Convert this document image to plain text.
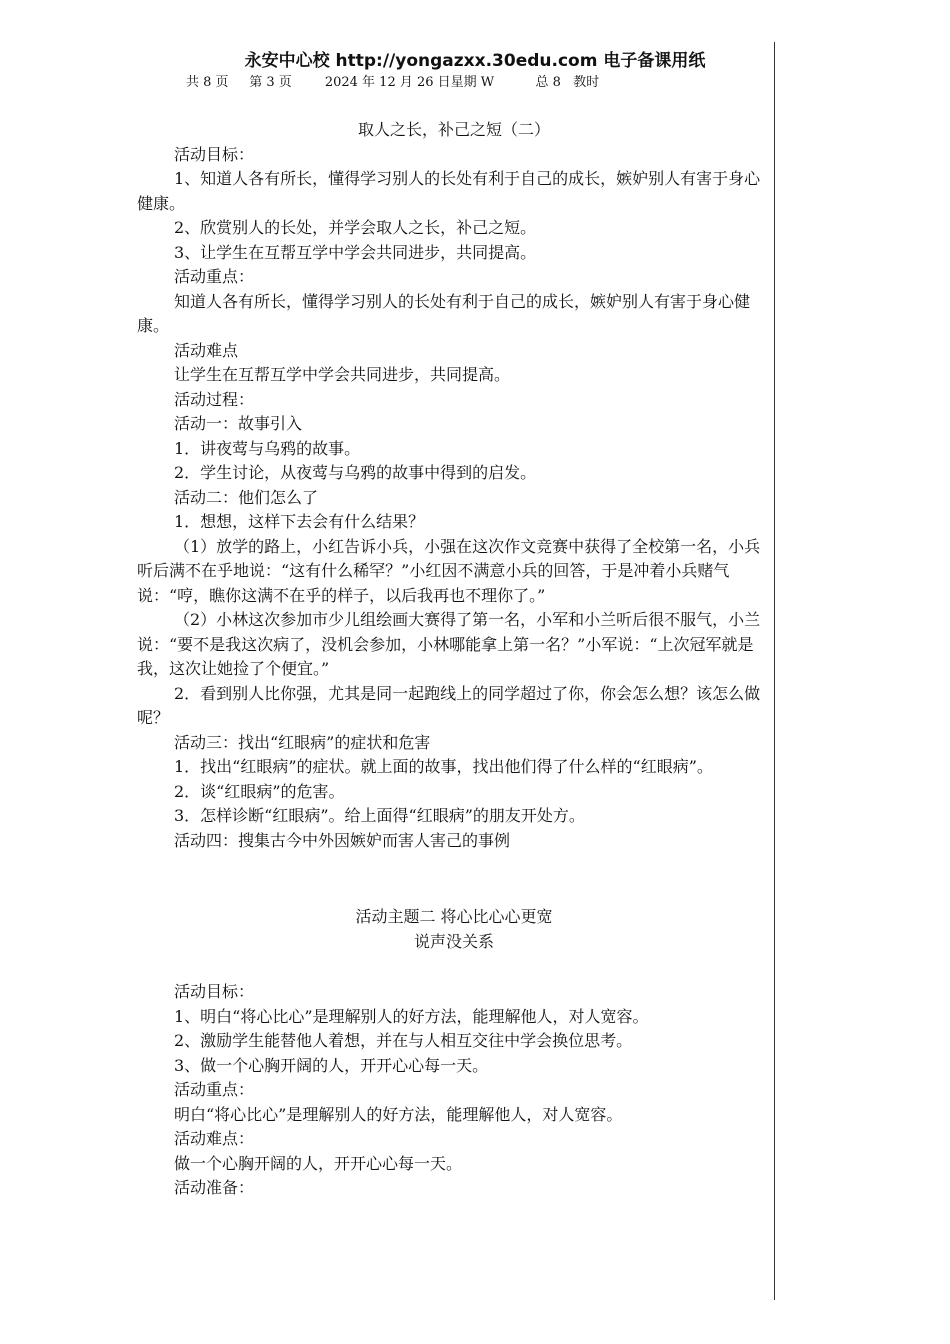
永安中心校 http://yongazxx.30edu.com 电子备课用纸
共 8 页 第 3 页	2024 年 12 月 26 日星期 W	总 8   教时

取人之长，补己之短（二）

活动目标：

1、知道人各有所长，懂得学习别人的长处有利于自己的成长，嫉妒别人有害于身心健康。

2、欣赏别人的长处，并学会取人之长，补己之短。

3、让学生在互帮互学中学会共同进步，共同提高。

活动重点：

知道人各有所长，懂得学习别人的长处有利于自己的成长，嫉妒别人有害于身心健康。

活动难点

让学生在互帮互学中学会共同进步，共同提高。

活动过程：

活动一：故事引入

1．讲夜莺与乌鸦的故事。

2．学生讨论，从夜莺与乌鸦的故事中得到的启发。

活动二：他们怎么了

1．想想，这样下去会有什么结果？

（1）放学的路上，小红告诉小兵，小强在这次作文竞赛中获得了全校第一名，小兵听后满不在乎地说：“这有什么稀罕？”小红因不满意小兵的回答，于是冲着小兵赌气说：“哼，瞧你这满不在乎的样子，以后我再也不理你了。”

（2）小林这次参加市少儿组绘画大赛得了第一名，小军和小兰听后很不服气，小兰说：“要不是我这次病了，没机会参加，小林哪能拿上第一名？”小军说：“上次冠军就是我，这次让她捡了个便宜。”

2．看到别人比你强，尤其是同一起跑线上的同学超过了你，你会怎么想？该怎么做呢？

活动三：找出“红眼病”的症状和危害

1．找出“红眼病”的症状。就上面的故事，找出他们得了什么样的“红眼病”。

2．谈“红眼病”的危害。

3．怎样诊断“红眼病”。给上面得“红眼病”的朋友开处方。

活动四：搜集古今中外因嫉妒而害人害己的事例

活动主题二 将心比心心更宽

说声没关系

活动目标：

1、明白“将心比心”是理解别人的好方法，能理解他人，对人宽容。

2、激励学生能替他人着想，并在与人相互交往中学会换位思考。

3、做一个心胸开阔的人，开开心心每一天。

活动重点：

明白“将心比心”是理解别人的好方法，能理解他人，对人宽容。

活动难点：

做一个心胸开阔的人，开开心心每一天。

活动准备：
